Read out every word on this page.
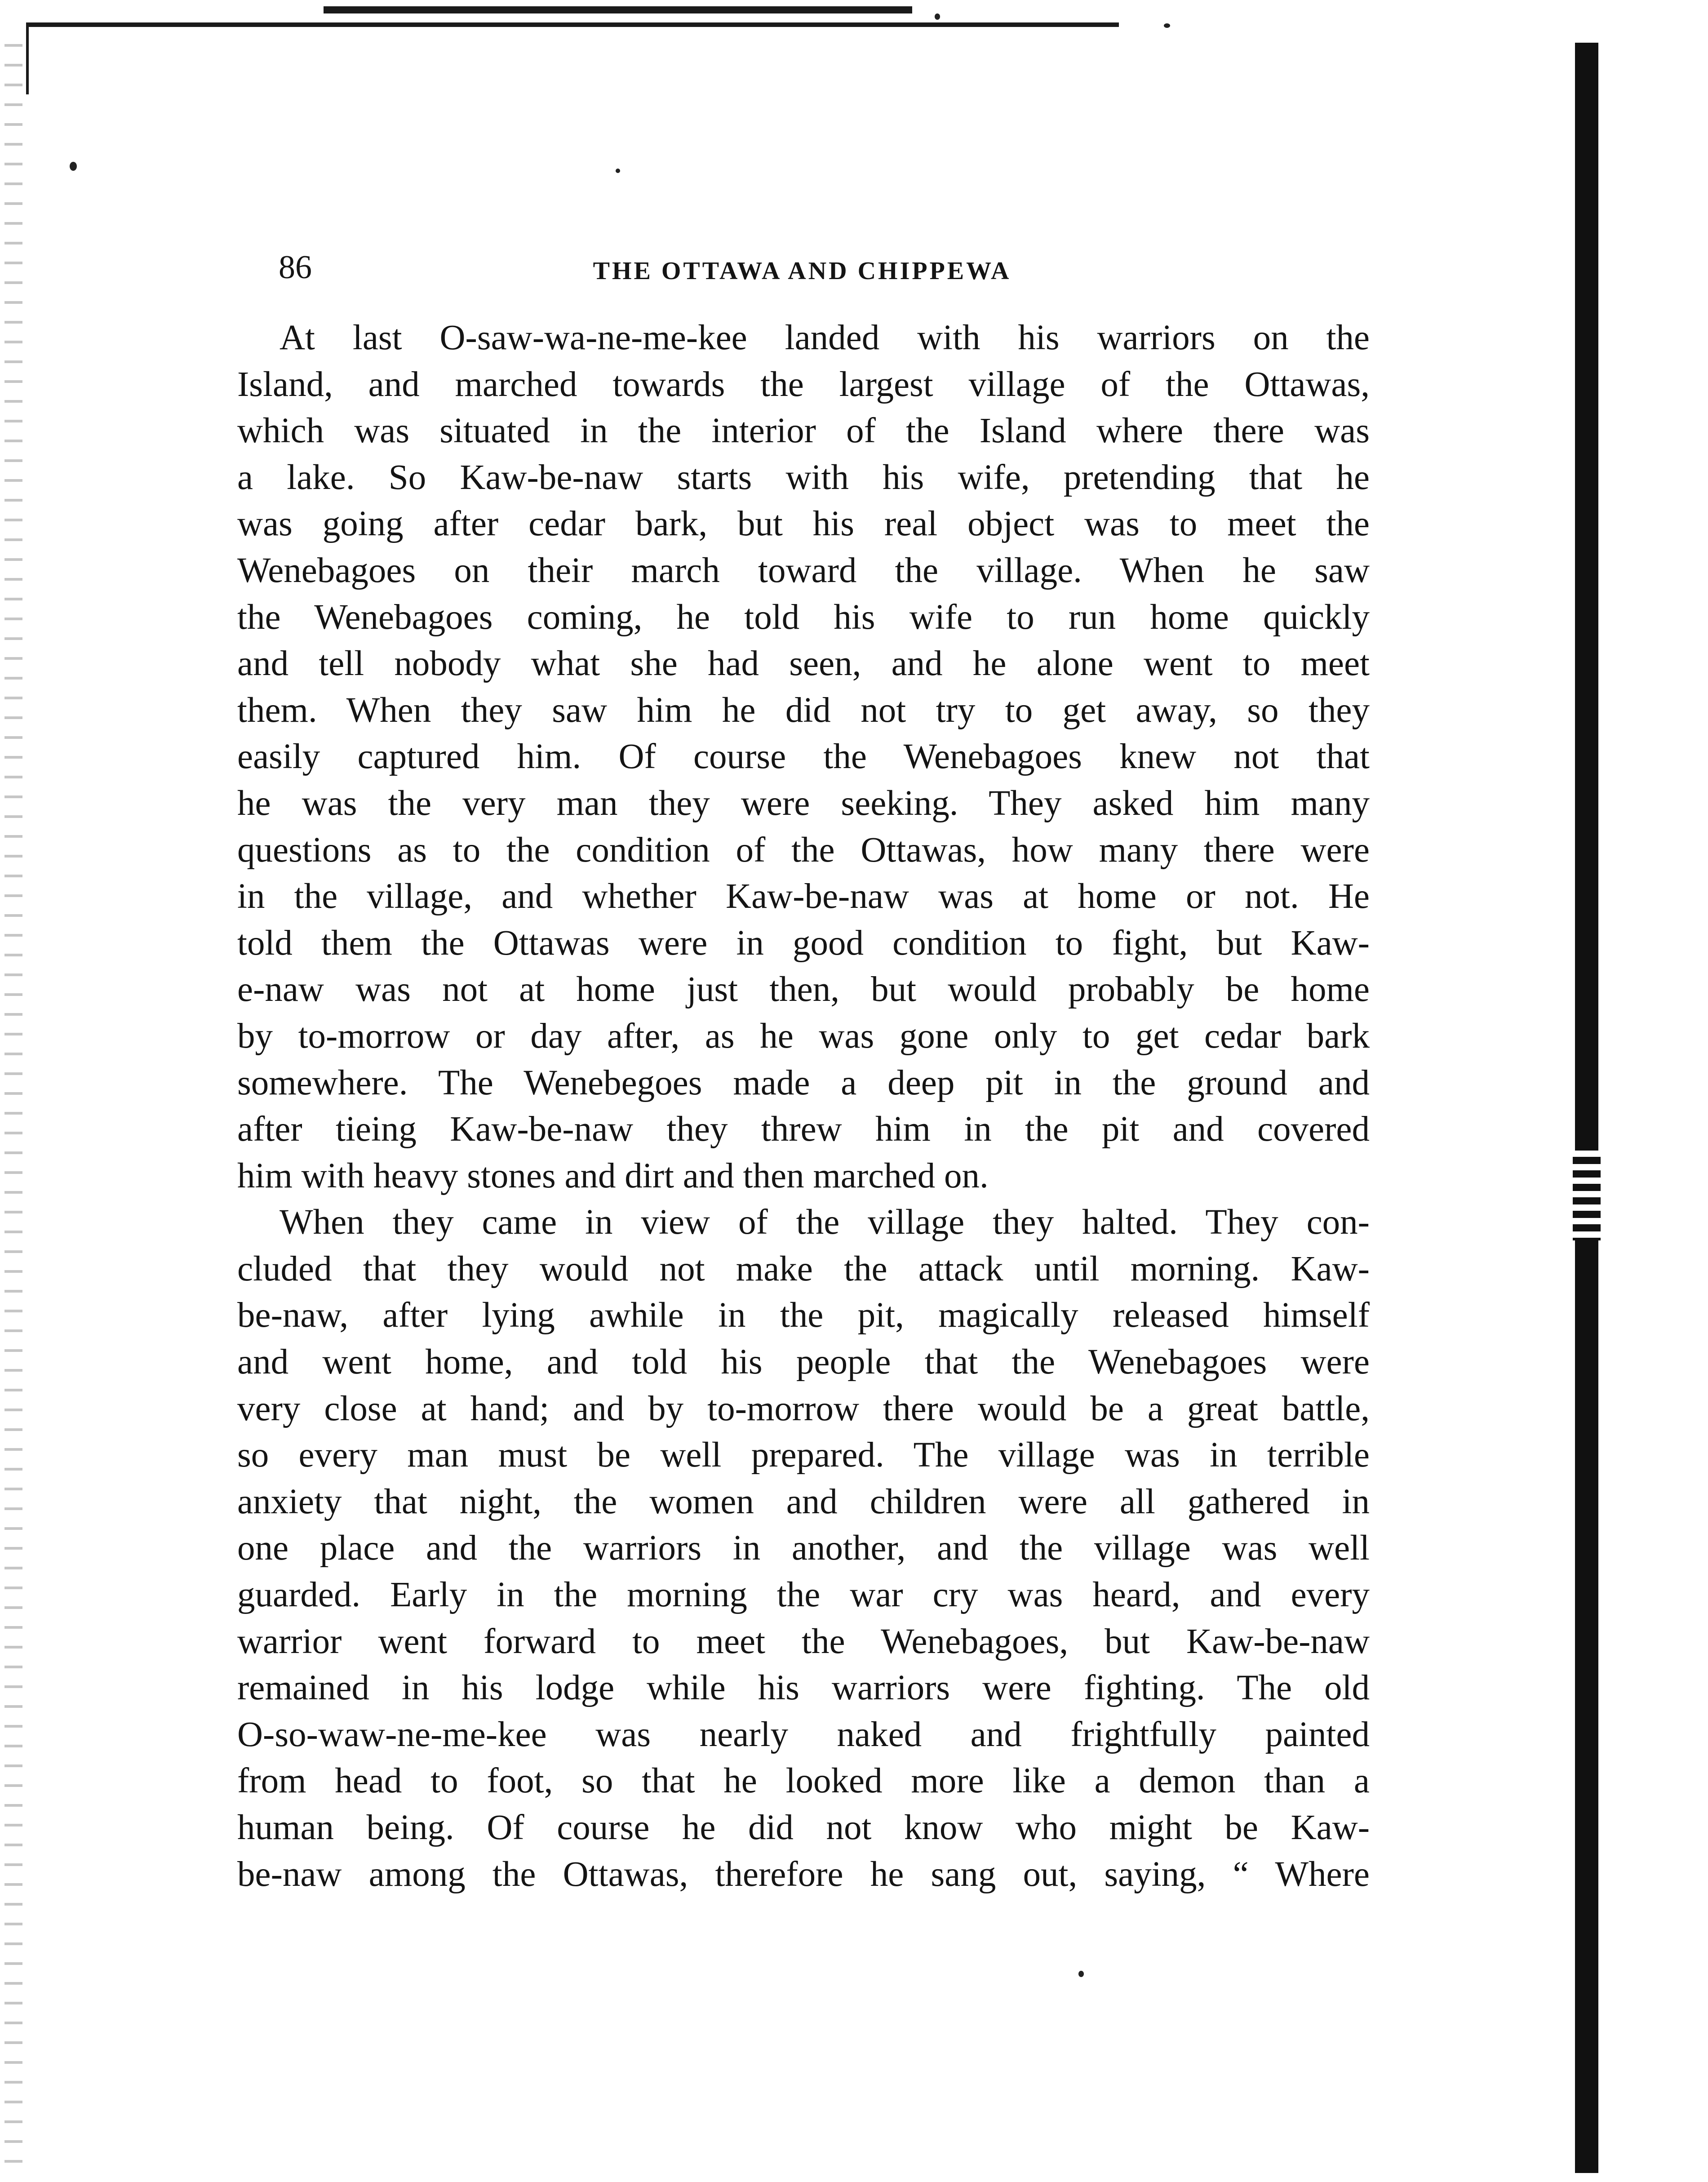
86	THE OTTAWA AND CHIPPEWA
At last O-saw-wa-ne-me-kee landed with his warriors on the
Island, and marched towards the largest village of the Ottawas,
which was situated in the interior of the Island where there was
a lake. So Kaw-be-naw starts with his wife, pretending that he
was going after cedar bark, but his real object was to meet the
Wenebagoes on their march toward the village. When he saw
the Wenebagoes coming, he told his wife to run home quickly
and tell nobody what she had seen, and he alone went to meet
them. When they saw him he did not try to get away, so they
easily captured him. Of course the Wenebagoes knew not that
he was the very man they were seeking. They asked him many
questions as to the condition of the Ottawas, how many there were
in the village, and whether Kaw-be-naw was at home or not. He
told them the Ottawas were in good condition to fight, but Kaw-
e-naw was not at home just then, but would probably be home
by to-morrow or day after, as he was gone only to get cedar bark
somewhere. The Wenebegoes made a deep pit in the ground and
after tieing Kaw-be-naw they threw him in the pit and covered
him with heavy stones and dirt and then marched on.
When they came in view of the village they halted. They con-
cluded that they would not make the attack until morning. Kaw-
be-naw, after lying awhile in the pit, magically released himself
and went home, and told his people that the Wenebagoes were
very close at hand; and by to-morrow there would be a great battle,
so every man must be well prepared. The village was in terrible
anxiety that night, the women and children were all gathered in
one place and the warriors in another, and the village was well
guarded. Early in the morning the war cry was heard, and every
warrior went forward to meet the Wenebagoes, but Kaw-be-naw
remained in his lodge while his warriors were fighting. The old
O-so-waw-ne-me-kee was nearly naked and frightfully painted
from head to foot, so that he looked more like a demon than a
human being. Of course he did not know who might be Kaw-
be-naw among the Ottawas, therefore he sang out, saying, “ Where
